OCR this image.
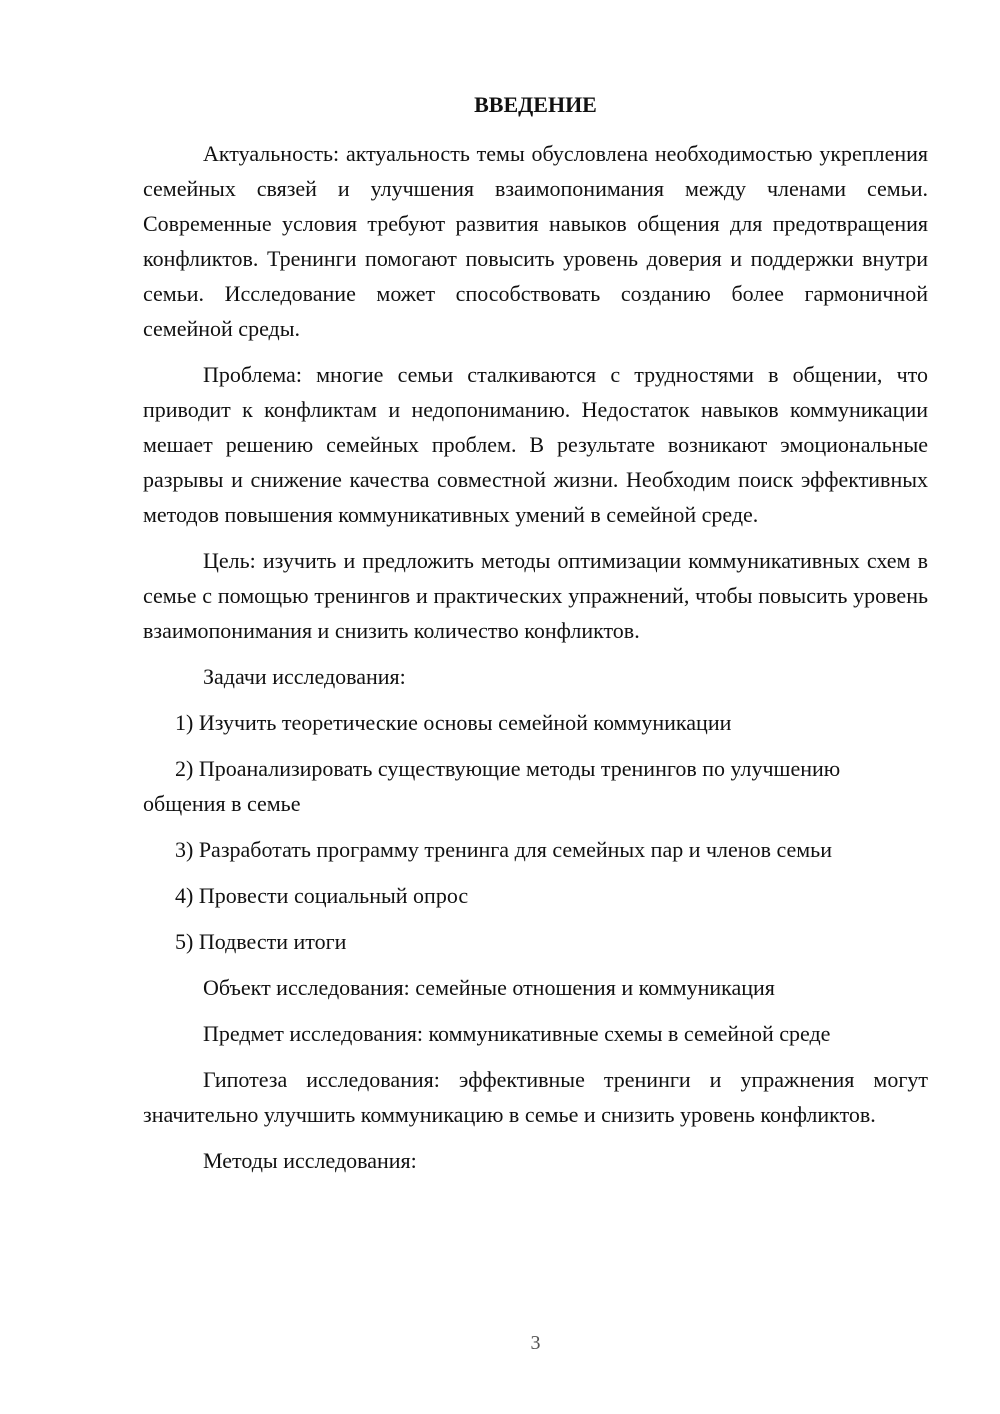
ВВЕДЕНИЕ

Актуальность: актуальность темы обусловлена необходимостью укрепления семейных связей и улучшения взаимопонимания между членами семьи. Современные условия требуют развития навыков общения для предотвращения конфликтов. Тренинги помогают повысить уровень доверия и поддержки внутри семьи. Исследование может способствовать созданию более гармоничной семейной среды.

Проблема: многие семьи сталкиваются с трудностями в общении, что приводит к конфликтам и недопониманию. Недостаток навыков коммуникации мешает решению семейных проблем. В результате возникают эмоциональные разрывы и снижение качества совместной жизни. Необходим поиск эффективных методов повышения коммуникативных умений в семейной среде.

Цель: изучить и предложить методы оптимизации коммуникативных схем в семье с помощью тренингов и практических упражнений, чтобы повысить уровень взаимопонимания и снизить количество конфликтов.

Задачи исследования:

1) Изучить теоретические основы семейной коммуникации

2) Проанализировать существующие методы тренингов по улучшению общения в семье

3) Разработать программу тренинга для семейных пар и членов семьи

4) Провести социальный опрос

5) Подвести итоги

Объект исследования: семейные отношения и коммуникация

Предмет исследования: коммуникативные схемы в семейной среде

Гипотеза исследования: эффективные тренинги и упражнения могут значительно улучшить коммуникацию в семье и снизить уровень конфликтов.

Методы исследования:

3
